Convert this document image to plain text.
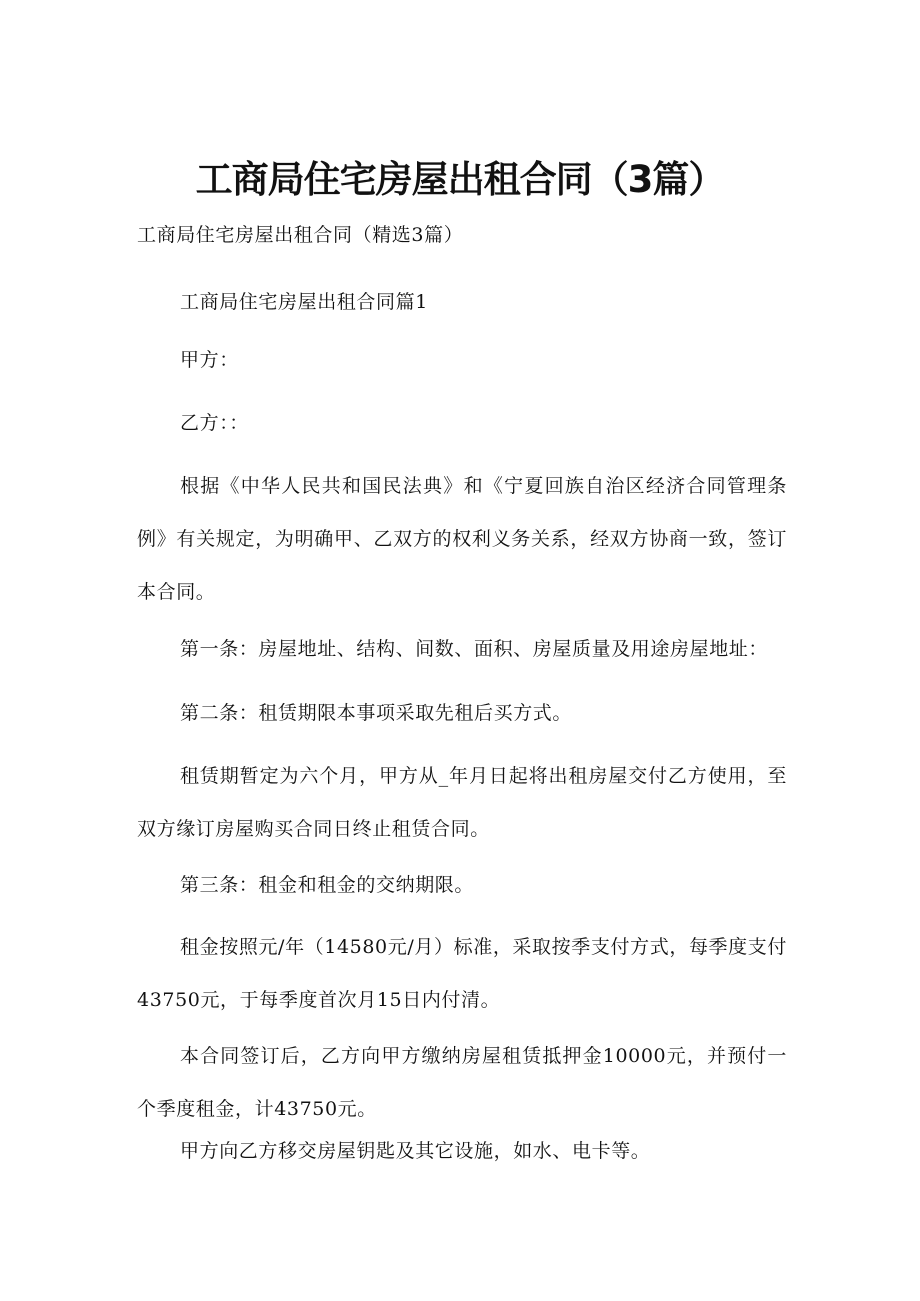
工商局住宅房屋出租合同（3篇）
工商局住宅房屋出租合同（精选3篇）
工商局住宅房屋出租合同篇1
甲方：
乙方：：
根据《中华人民共和国民法典》和《宁夏回族自治区经济合同管理条例》有关规定，为明确甲、乙双方的权利义务关系，经双方协商一致，签订本合同。
第一条：房屋地址、结构、间数、面积、房屋质量及用途房屋地址：
第二条：租赁期限本事项采取先租后买方式。
租赁期暂定为六个月，甲方从_年月日起将出租房屋交付乙方使用，至双方缘订房屋购买合同日终止租赁合同。
第三条：租金和租金的交纳期限。
租金按照元/年（14580元/月）标准，采取按季支付方式，每季度支付43750元，于每季度首次月15日内付清。
本合同签订后，乙方向甲方缴纳房屋租赁抵押金10000元，并预付一个季度租金，计43750元。
甲方向乙方移交房屋钥匙及其它设施，如水、电卡等。
